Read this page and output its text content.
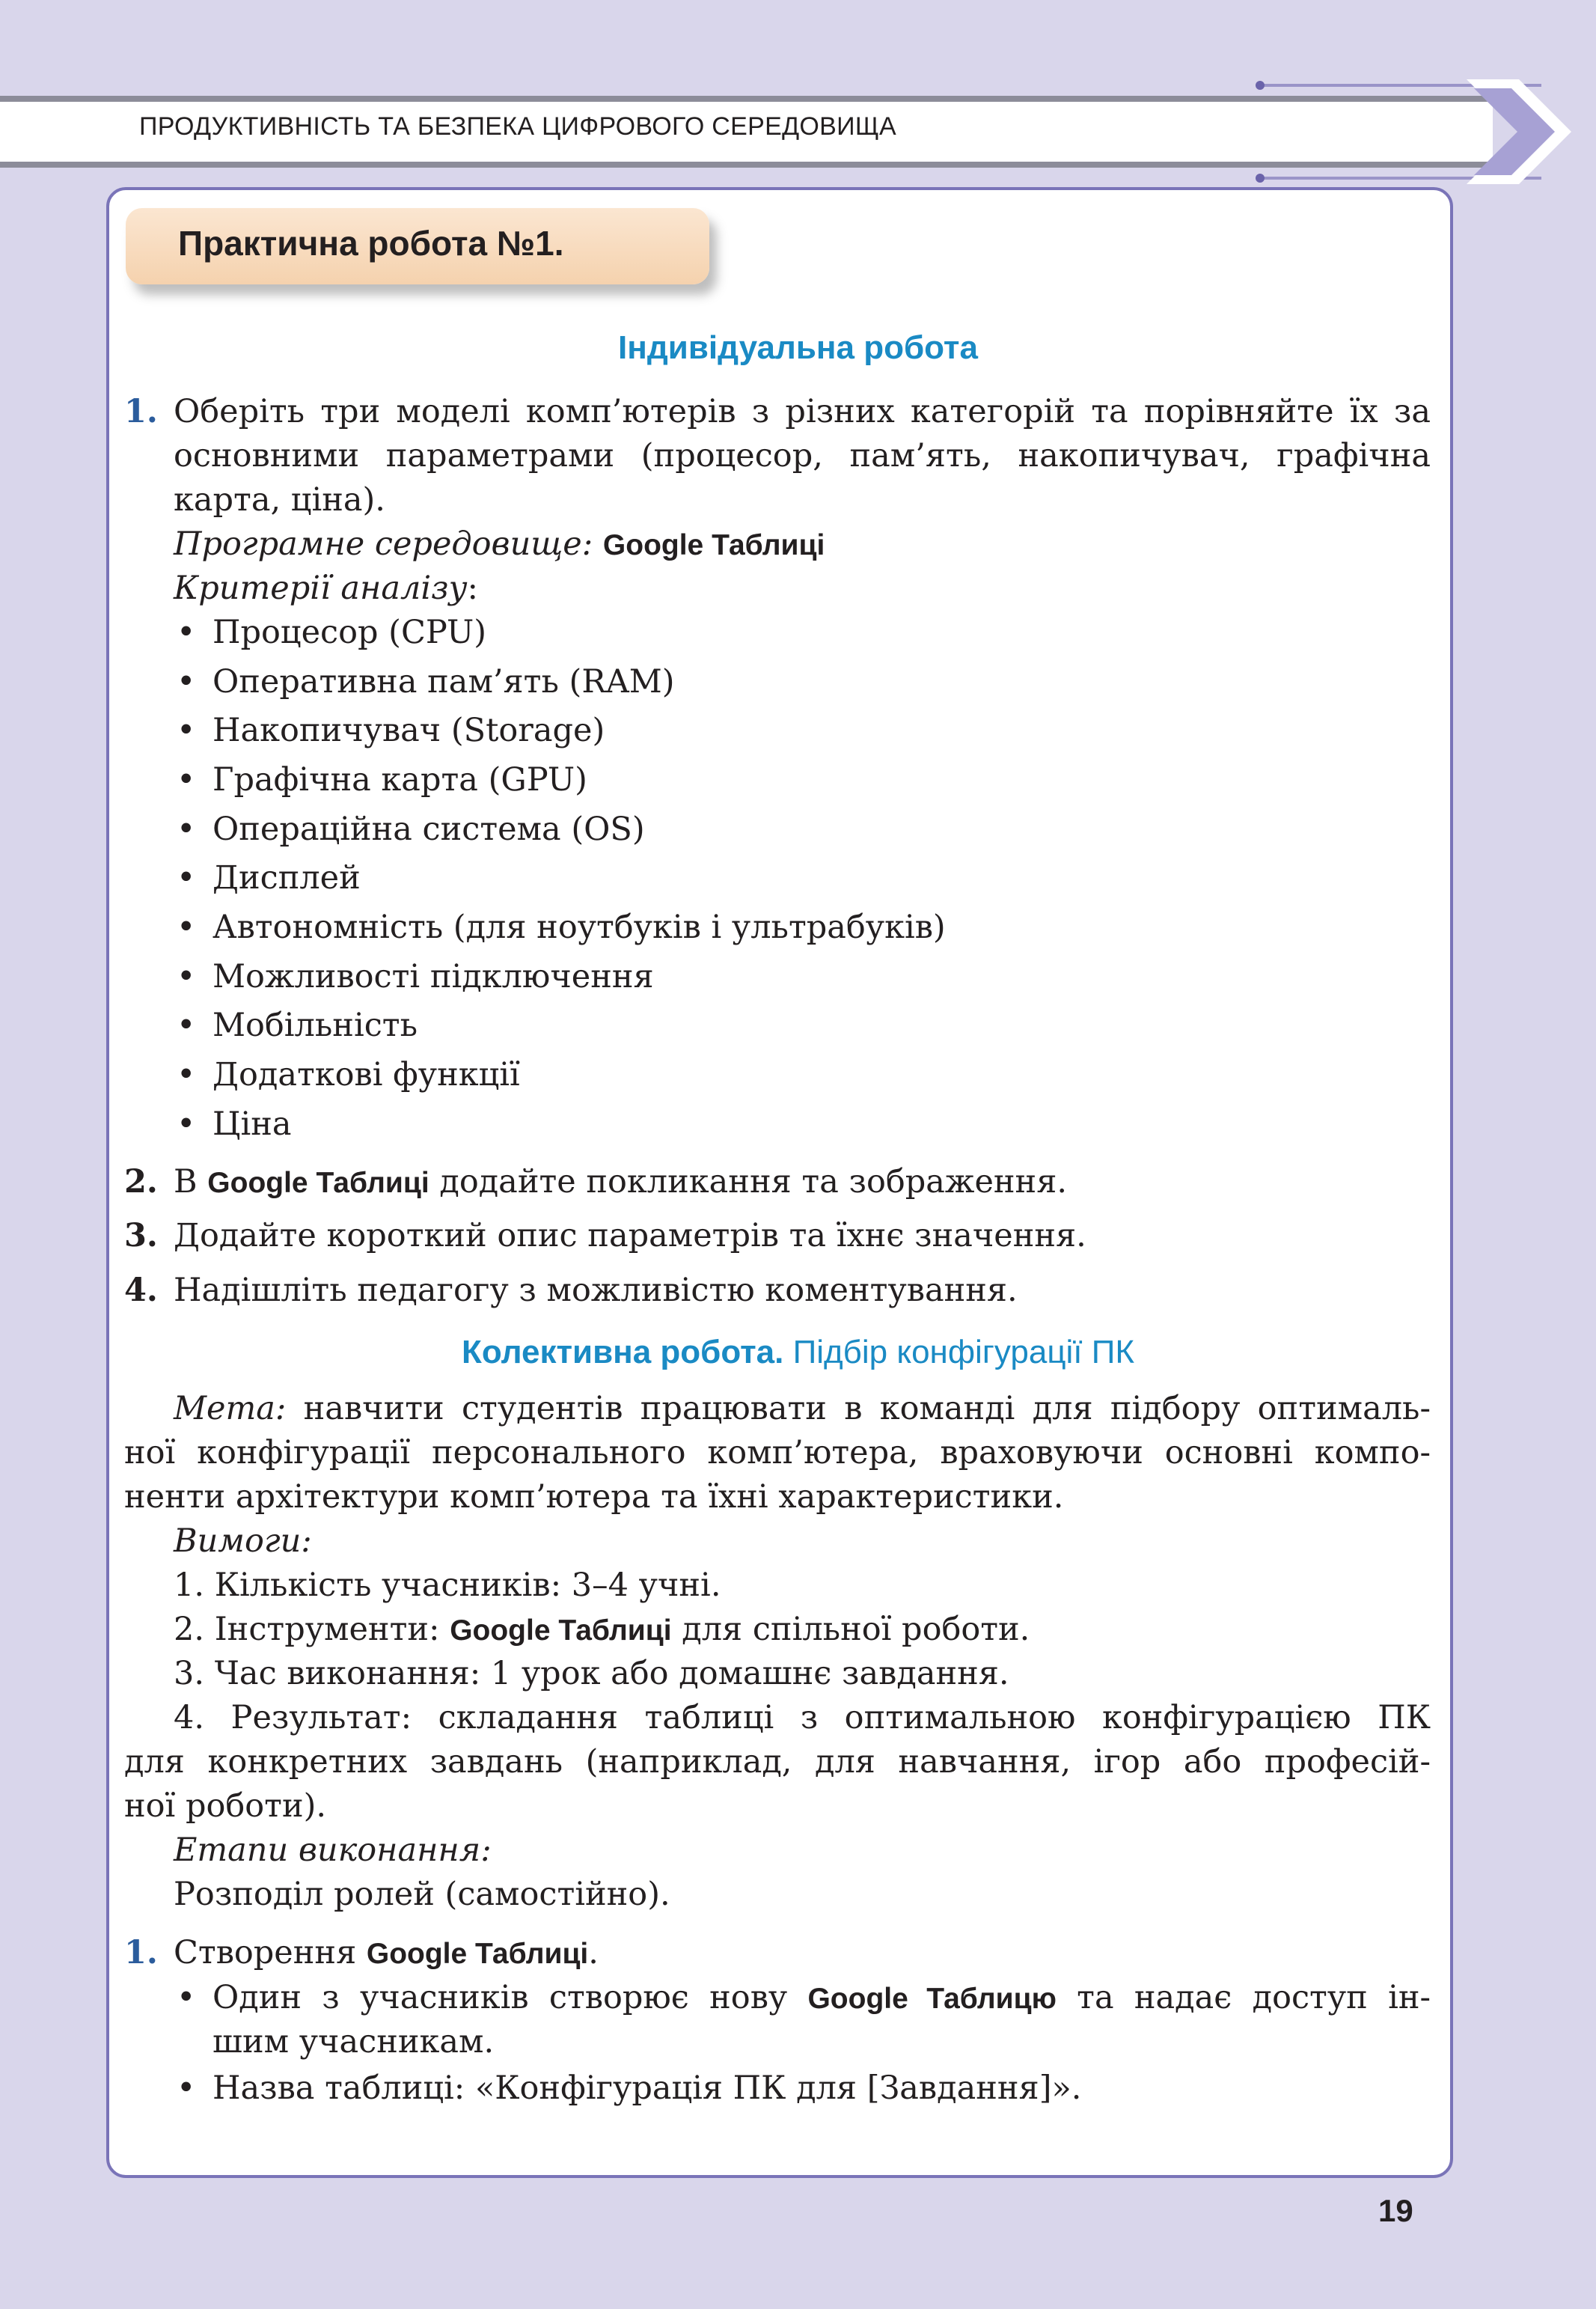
ПРОДУКТИВНІСТЬ ТА БЕЗПЕКА ЦИФРОВОГО СЕРЕДОВИЩА
Практична робота №1.
Індивідуальна робота
1. Оберіть три моделі комп’ютерів з різних категорій та порівняйте їх за
основними параметрами (процесор, пам’ять, накопичувач, графічна
карта, ціна).
Програмне середовище: Google Таблиці
Критерії аналізу:
• Процесор (CPU)
• Оперативна пам’ять (RAM)
• Накопичувач (Storage)
• Графічна карта (GPU)
• Операційна система (OS)
• Дисплей
• Автономність (для ноутбуків і ультрабуків)
• Можливості підключення
• Мобільність
• Додаткові функції
• Ціна
2. В Google Таблиці додайте покликання та зображення.
3. Додайте короткий опис параметрів та їхнє значення.
4. Надішліть педагогу з можливістю коментування.
Колективна робота. Підбір конфігурації ПК
Мета: навчити студентів працювати в команді для підбору оптималь-
ної конфігурації персонального комп’ютера, враховуючи основні компо-
ненти архітектури комп’ютера та їхні характеристики.
Вимоги:
1. Кількість учасників: 3–4 учні.
2. Інструменти: Google Таблиці для спільної роботи.
3. Час виконання: 1 урок або домашнє завдання.
4. Результат: складання таблиці з оптимальною конфігурацією ПК
для конкретних завдань (наприклад, для навчання, ігор або професій-
ної роботи).
Етапи виконання:
Розподіл ролей (самостійно).
1. Створення Google Таблиці.
• Один з учасників створює нову Google Таблицю та надає доступ ін-
шим учасникам.
• Назва таблиці: «Конфігурація ПК для [Завдання]».
19
